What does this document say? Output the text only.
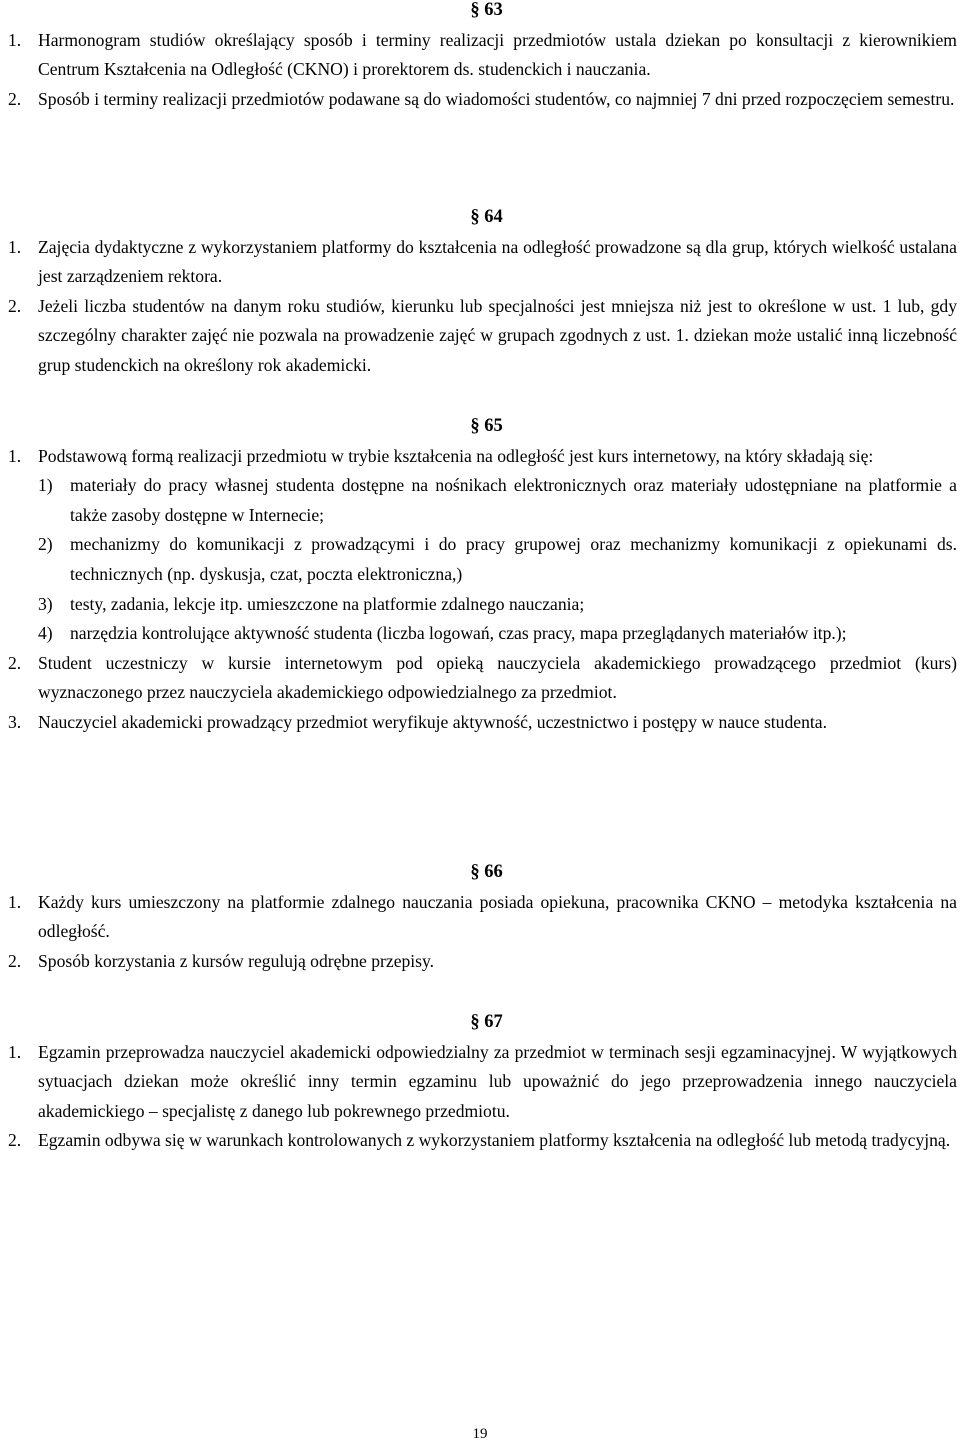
§ 63
1. Harmonogram studiów określający sposób i terminy realizacji przedmiotów ustala dziekan po konsultacji z kierownikiem Centrum Kształcenia na Odległość (CKNO) i prorektorem ds. studenckich i nauczania.
2. Sposób i terminy realizacji przedmiotów podawane są do wiadomości studentów, co najmniej 7 dni przed rozpoczęciem semestru.
§ 64
1. Zajęcia dydaktyczne z wykorzystaniem platformy do kształcenia na odległość prowadzone są dla grup, których wielkość ustalana jest zarządzeniem rektora.
2. Jeżeli liczba studentów na danym roku studiów, kierunku lub specjalności jest mniejsza niż jest to określone w ust. 1 lub, gdy szczególny charakter zajęć nie pozwala na prowadzenie zajęć w grupach zgodnych z ust. 1. dziekan może ustalić inną liczebność grup studenckich na określony rok akademicki.
§ 65
1. Podstawową formą realizacji przedmiotu w trybie kształcenia na odległość jest kurs internetowy, na który składają się:
1) materiały do pracy własnej studenta dostępne na nośnikach elektronicznych oraz materiały udostępniane na platformie a także zasoby dostępne w Internecie;
2) mechanizmy do komunikacji z prowadzącymi i do pracy grupowej oraz mechanizmy komunikacji z opiekunami ds. technicznych (np. dyskusja, czat, poczta elektroniczna,)
3) testy, zadania, lekcje itp. umieszczone na platformie zdalnego nauczania;
4) narzędzia kontrolujące aktywność studenta (liczba logowań, czas pracy, mapa przeglądanych materiałów itp.);
2. Student uczestniczy w kursie internetowym pod opieką nauczyciela akademickiego prowadzącego przedmiot (kurs) wyznaczonego przez nauczyciela akademickiego odpowiedzialnego za przedmiot.
3. Nauczyciel akademicki prowadzący przedmiot weryfikuje aktywność, uczestnictwo i postępy w nauce studenta.
§ 66
1. Każdy kurs umieszczony na platformie zdalnego nauczania posiada opiekuna, pracownika CKNO – metodyka kształcenia na odległość.
2. Sposób korzystania z kursów regulują odrębne przepisy.
§ 67
1. Egzamin przeprowadza nauczyciel akademicki odpowiedzialny za przedmiot w terminach sesji egzaminacyjnej. W wyjątkowych sytuacjach dziekan może określić inny termin egzaminu lub upoważnić do jego przeprowadzenia innego nauczyciela akademickiego – specjalistę z danego lub pokrewnego przedmiotu.
2. Egzamin odbywa się w warunkach kontrolowanych z wykorzystaniem platformy kształcenia na odległość lub metodą tradycyjną.
19
